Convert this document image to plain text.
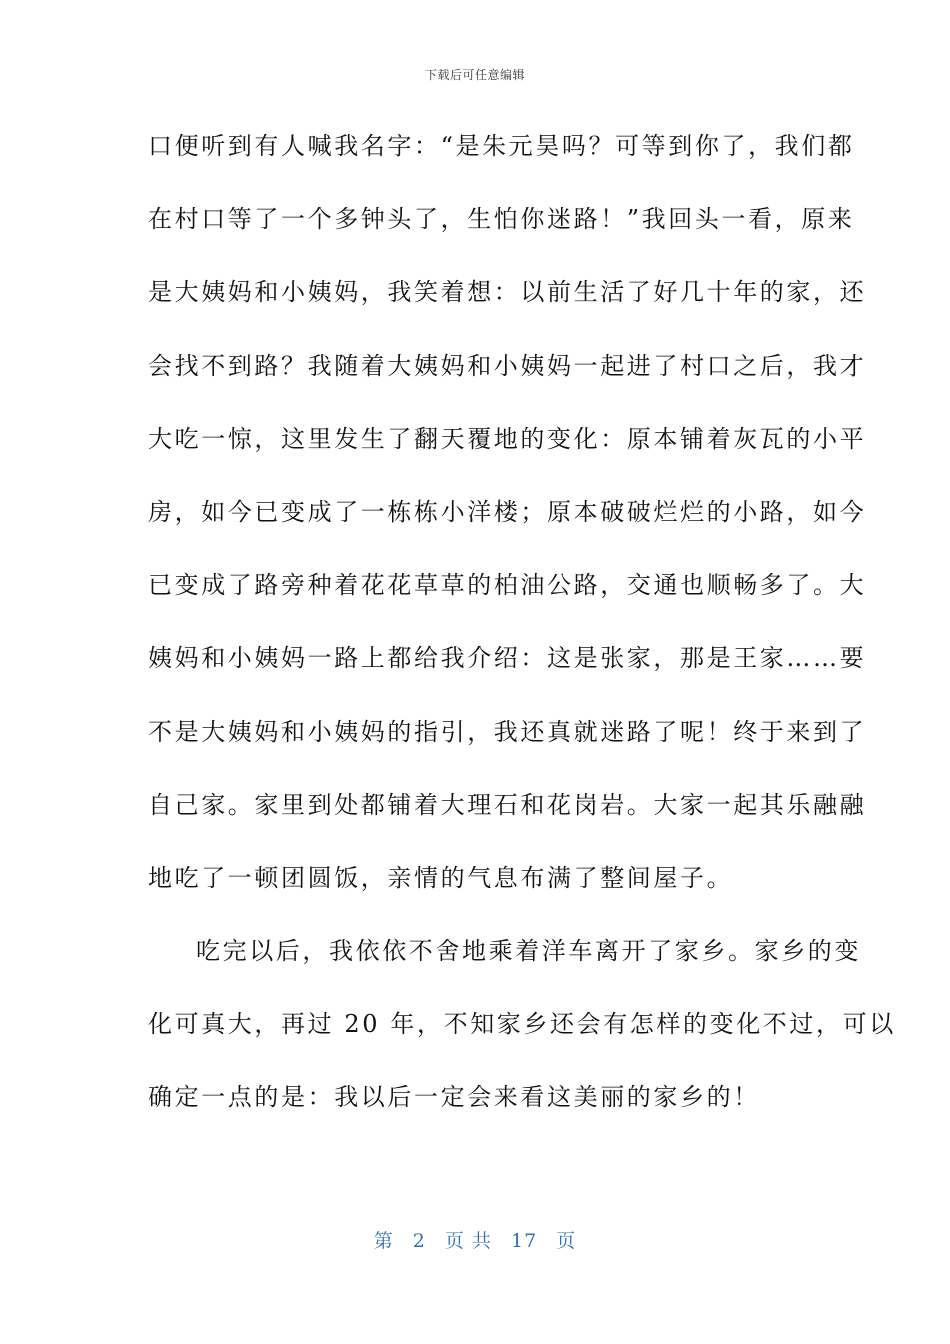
下载后可任意编辑
口便听到有人喊我名字：“是朱元昊吗？可等到你了，我们都
在村口等了一个多钟头了，生怕你迷路！”我回头一看，原来
是大姨妈和小姨妈，我笑着想：以前生活了好几十年的家，还
会找不到路？我随着大姨妈和小姨妈一起进了村口之后，我才
大吃一惊，这里发生了翻天覆地的变化：原本铺着灰瓦的小平
房，如今已变成了一栋栋小洋楼；原本破破烂烂的小路，如今
已变成了路旁种着花花草草的柏油公路，交通也顺畅多了。大
姨妈和小姨妈一路上都给我介绍：这是张家，那是王家……要
不是大姨妈和小姨妈的指引，我还真就迷路了呢！终于来到了
自己家。家里到处都铺着大理石和花岗岩。大家一起其乐融融
地吃了一顿团圆饭，亲情的气息布满了整间屋子。
吃完以后，我依依不舍地乘着洋车离开了家乡。家乡的变
化可真大，再过 20 年，不知家乡还会有怎样的变化不过，可以
确定一点的是：我以后一定会来看这美丽的家乡的！
第 2 页 共 17 页
